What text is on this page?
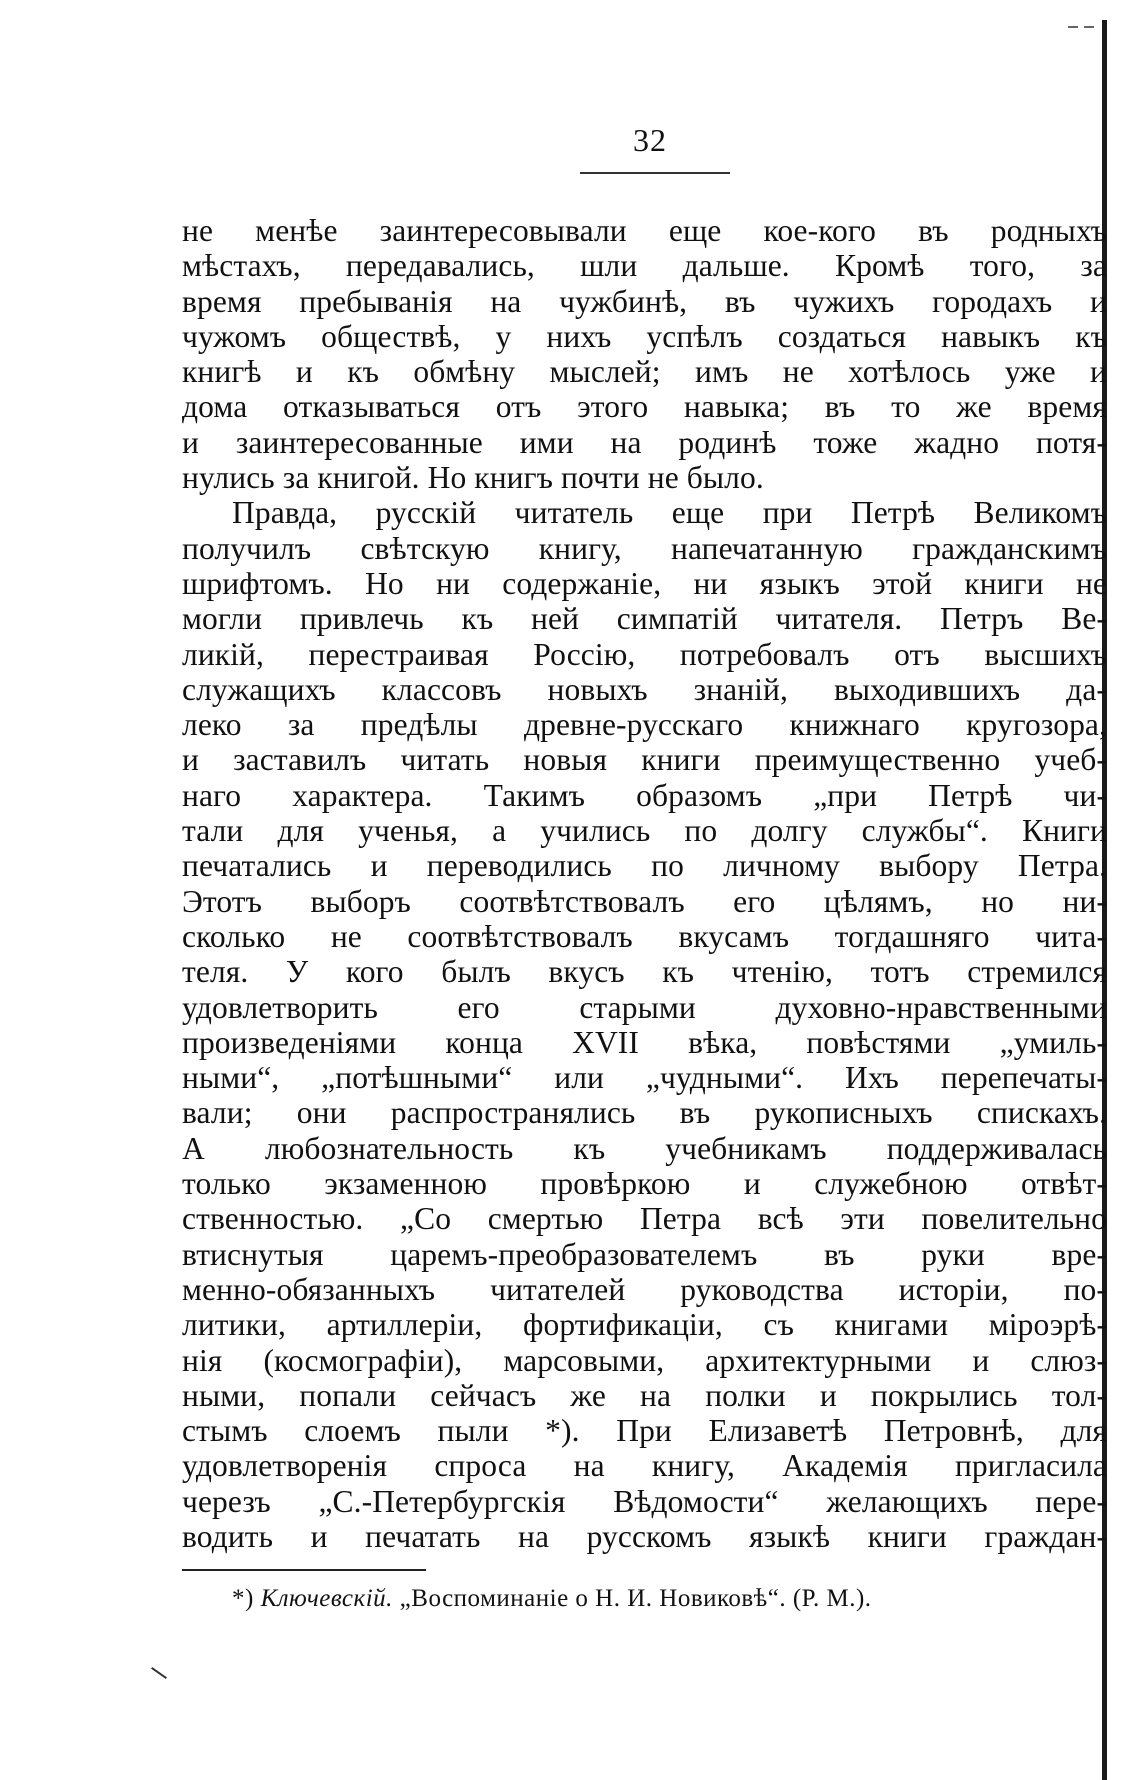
32
не менѣе заинтересовывали еще кое-кого въ родныхъ
мѣстахъ, передавались, шли дальше. Кромѣ того, за
время пребыванія на чужбинѣ, въ чужихъ городахъ и
чужомъ обществѣ, у нихъ успѣлъ создаться навыкъ къ
книгѣ и къ обмѣну мыслей; имъ не хотѣлось уже и
дома отказываться отъ этого навыка; въ то же время
и заинтересованные ими на родинѣ тоже жадно потя-
нулись за книгой. Но книгъ почти не было.
Правда, русскій читатель еще при Петрѣ Великомъ
получилъ свѣтскую книгу, напечатанную гражданскимъ
шрифтомъ. Но ни содержаніе, ни языкъ этой книги не
могли привлечь къ ней симпатій читателя. Петръ Ве-
ликій, перестраивая Россію, потребовалъ отъ высшихъ
служащихъ классовъ новыхъ знаній, выходившихъ да-
леко за предѣлы древне-русскаго книжнаго кругозора,
и заставилъ читать новыя книги преимущественно учеб-
наго характера. Такимъ образомъ „при Петрѣ чи-
тали для ученья, а учились по долгу службы“. Книги
печатались и переводились по личному выбору Петра.
Этотъ выборъ соотвѣтствовалъ его цѣлямъ, но ни-
сколько не соотвѣтствовалъ вкусамъ тогдашняго чита-
теля. У кого былъ вкусъ къ чтенію, тотъ стремился
удовлетворить его старыми духовно-нравственными
произведеніями конца XVII вѣка, повѣстями „умиль-
ными“, „потѣшными“ или „чудными“. Ихъ перепечаты-
вали; они распространялись въ рукописныхъ спискахъ.
А любознательность къ учебникамъ поддерживалась
только экзаменною провѣркою и служебною отвѣт-
ственностью. „Со смертью Петра всѣ эти повелительно
втиснутыя царемъ-преобразователемъ въ руки вре-
менно-обязанныхъ читателей руководства исторіи, по-
литики, артиллеріи, фортификаціи, съ книгами міроэрѣ-
нія (космографіи), марсовыми, архитектурными и слюз-
ными, попали сейчасъ же на полки и покрылись тол-
стымъ слоемъ пыли *). При Елизаветѣ Петровнѣ, для
удовлетворенія спроса на книгу, Академія пригласила
черезъ „С.-Петербургскія Вѣдомости“ желающихъ пере-
водить и печатать на русскомъ языкѣ книги граждан-
*) Ключевскій. „Воспоминаніе о Н. И. Новиковѣ“. (Р. М.).
